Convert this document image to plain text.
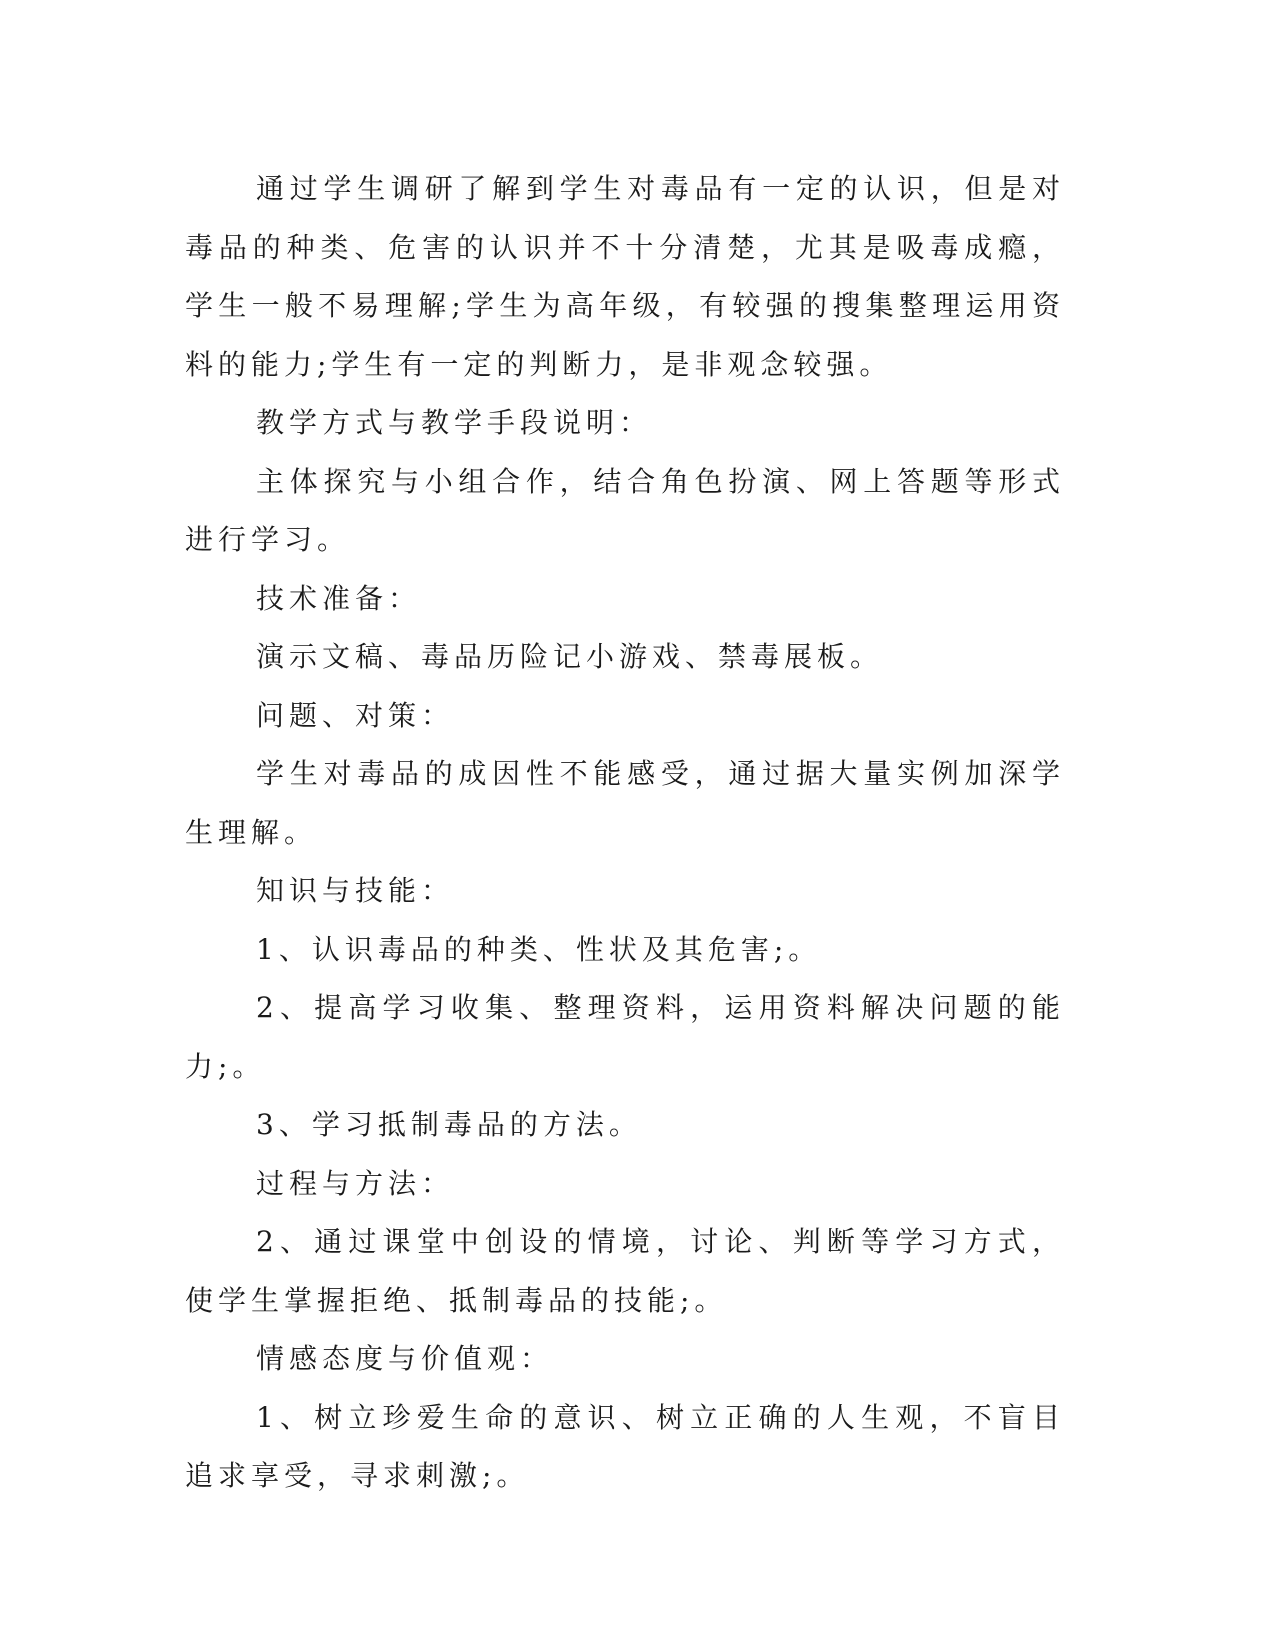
通过学生调研了解到学生对毒品有一定的认识，但是对毒品的种类、危害的认识并不十分清楚，尤其是吸毒成瘾，学生一般不易理解;学生为高年级，有较强的搜集整理运用资料的能力;学生有一定的判断力，是非观念较强。

教学方式与教学手段说明：

主体探究与小组合作，结合角色扮演、网上答题等形式进行学习。

技术准备：

演示文稿、毒品历险记小游戏、禁毒展板。

问题、对策：

学生对毒品的成因性不能感受，通过据大量实例加深学生理解。

知识与技能：

1、认识毒品的种类、性状及其危害;。

2、提高学习收集、整理资料，运用资料解决问题的能力;。

3、学习抵制毒品的方法。

过程与方法：

2、通过课堂中创设的情境，讨论、判断等学习方式，使学生掌握拒绝、抵制毒品的技能;。

情感态度与价值观：

1、树立珍爱生命的意识、树立正确的人生观，不盲目追求享受，寻求刺激;。
